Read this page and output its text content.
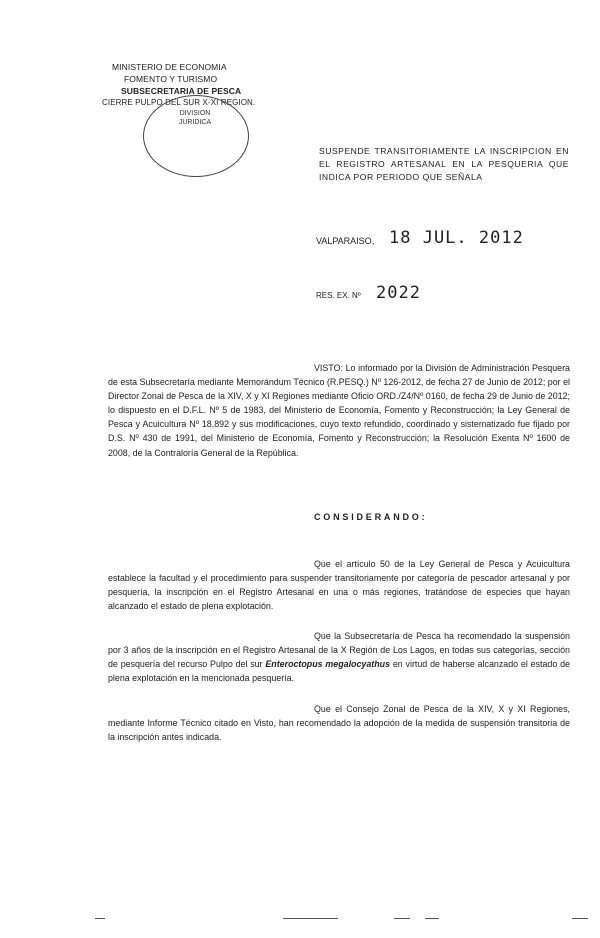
MINISTERIO DE ECONOMIA
FOMENTO Y TURISMO
SUBSECRETARIA DE PESCA
CIERRE PULPO DEL SUR X-XI REGION.
DIVISION
JURIDICA
SUSPENDE TRANSITORIAMENTE LA INSCRIPCION EN EL REGISTRO ARTESANAL EN LA PESQUERIA QUE INDICA POR PERIODO QUE SEÑALA
VALPARAISO, 18 JUL. 2012
RES. EX. Nº 2022
VISTO: Lo informado por la División de Administración Pesquera de esta Subsecretaría mediante Memorándum Técnico (R.PESQ.) Nº 126-2012, de fecha 27 de Junio de 2012; por el Director Zonal de Pesca de la XIV, X y XI Regiones mediante Oficio ORD./Z4/Nº 0160, de fecha 29 de Junio de 2012; lo dispuesto en el D.F.L. Nº 5 de 1983, del Ministerio de Economía, Fomento y Reconstrucción; la Ley General de Pesca y Acuicultura Nº 18.892 y sus modificaciones, cuyo texto refundido, coordinado y sistematizado fue fijado por D.S. Nº 430 de 1991, del Ministerio de Economía, Fomento y Reconstrucción; la Resolución Exenta Nº 1600 de 2008, de la Contraloría General de la República.
CONSIDERANDO:
Que el artículo 50 de la Ley General de Pesca y Acuicultura establece la facultad y el procedimiento para suspender transitoriamente por categoría de pescador artesanal y por pesquería, la inscripción en el Registro Artesanal en una o más regiones, tratándose de especies que hayan alcanzado el estado de plena explotación.
Que la Subsecretaría de Pesca ha recomendado la suspensión por 3 años de la inscripción en el Registro Artesanal de la X Región de Los Lagos, en todas sus categorías, sección de pesquería del recurso Pulpo del sur Enteroctopus megalocyathus en virtud de haberse alcanzado el estado de plena explotación en la mencionada pesquería.
Que el Consejo Zonal de Pesca de la XIV, X y XI Regiones, mediante Informe Técnico citado en Visto, han recomendado la adopción de la medida de suspensión transitoria de la inscripción antes indicada.
